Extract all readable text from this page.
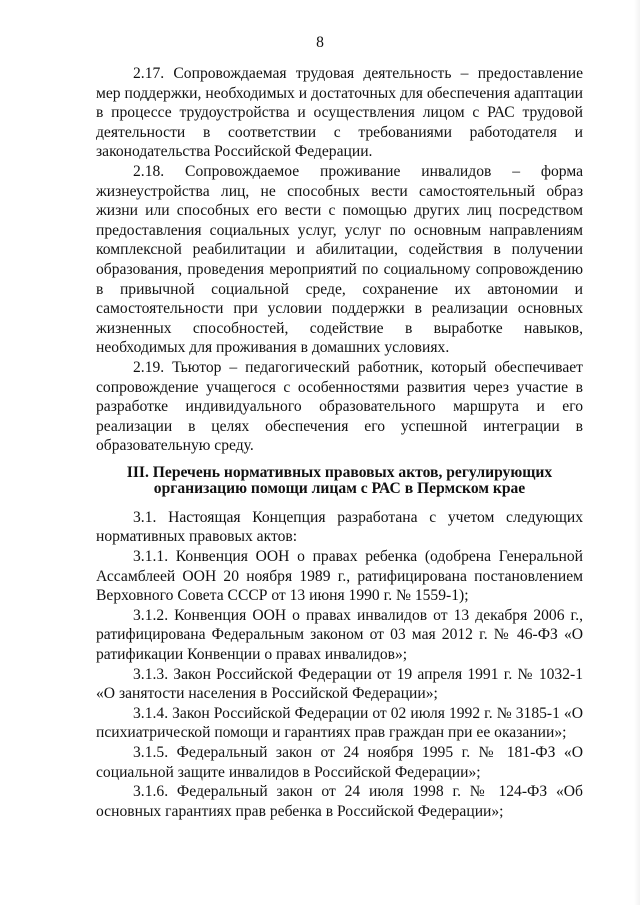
8

2.17. Сопровождаемая трудовая деятельность – предоставление мер поддержки, необходимых и достаточных для обеспечения адаптации в процессе трудоустройства и осуществления лицом с РАС трудовой деятельности в соответствии с требованиями работодателя и законодательства Российской Федерации.

2.18. Сопровождаемое проживание инвалидов – форма жизнеустройства лиц, не способных вести самостоятельный образ жизни или способных его вести с помощью других лиц посредством предоставления социальных услуг, услуг по основным направлениям комплексной реабилитации и абилитации, содействия в получении образования, проведения мероприятий по социальному сопровождению в привычной социальной среде, сохранение их автономии и самостоятельности при условии поддержки в реализации основных жизненных способностей, содействие в выработке навыков, необходимых для проживания в домашних условиях.

2.19. Тьютор – педагогический работник, который обеспечивает сопровождение учащегося с особенностями развития через участие в разработке индивидуального образовательного маршрута и его реализации в целях обеспечения его успешной интеграции в образовательную среду.

III. Перечень нормативных правовых актов, регулирующих
организацию помощи лицам с РАС в Пермском крае

3.1. Настоящая Концепция разработана с учетом следующих нормативных правовых актов:

3.1.1. Конвенция ООН о правах ребенка (одобрена Генеральной Ассамблеей ООН 20 ноября 1989 г., ратифицирована постановлением Верховного Совета СССР от 13 июня 1990 г. № 1559-1);

3.1.2. Конвенция ООН о правах инвалидов от 13 декабря 2006 г., ратифицирована Федеральным законом от 03 мая 2012 г. № 46-ФЗ «О ратификации Конвенции о правах инвалидов»;

3.1.3. Закон Российской Федерации от 19 апреля 1991 г. № 1032-1 «О занятости населения в Российской Федерации»;

3.1.4. Закон Российской Федерации от 02 июля 1992 г. № 3185-1 «О психиатрической помощи и гарантиях прав граждан при ее оказании»;

3.1.5. Федеральный закон от 24 ноября 1995 г. № 181-ФЗ «О социальной защите инвалидов в Российской Федерации»;

3.1.6. Федеральный закон от 24 июля 1998 г. № 124-ФЗ «Об основных гарантиях прав ребенка в Российской Федерации»;
